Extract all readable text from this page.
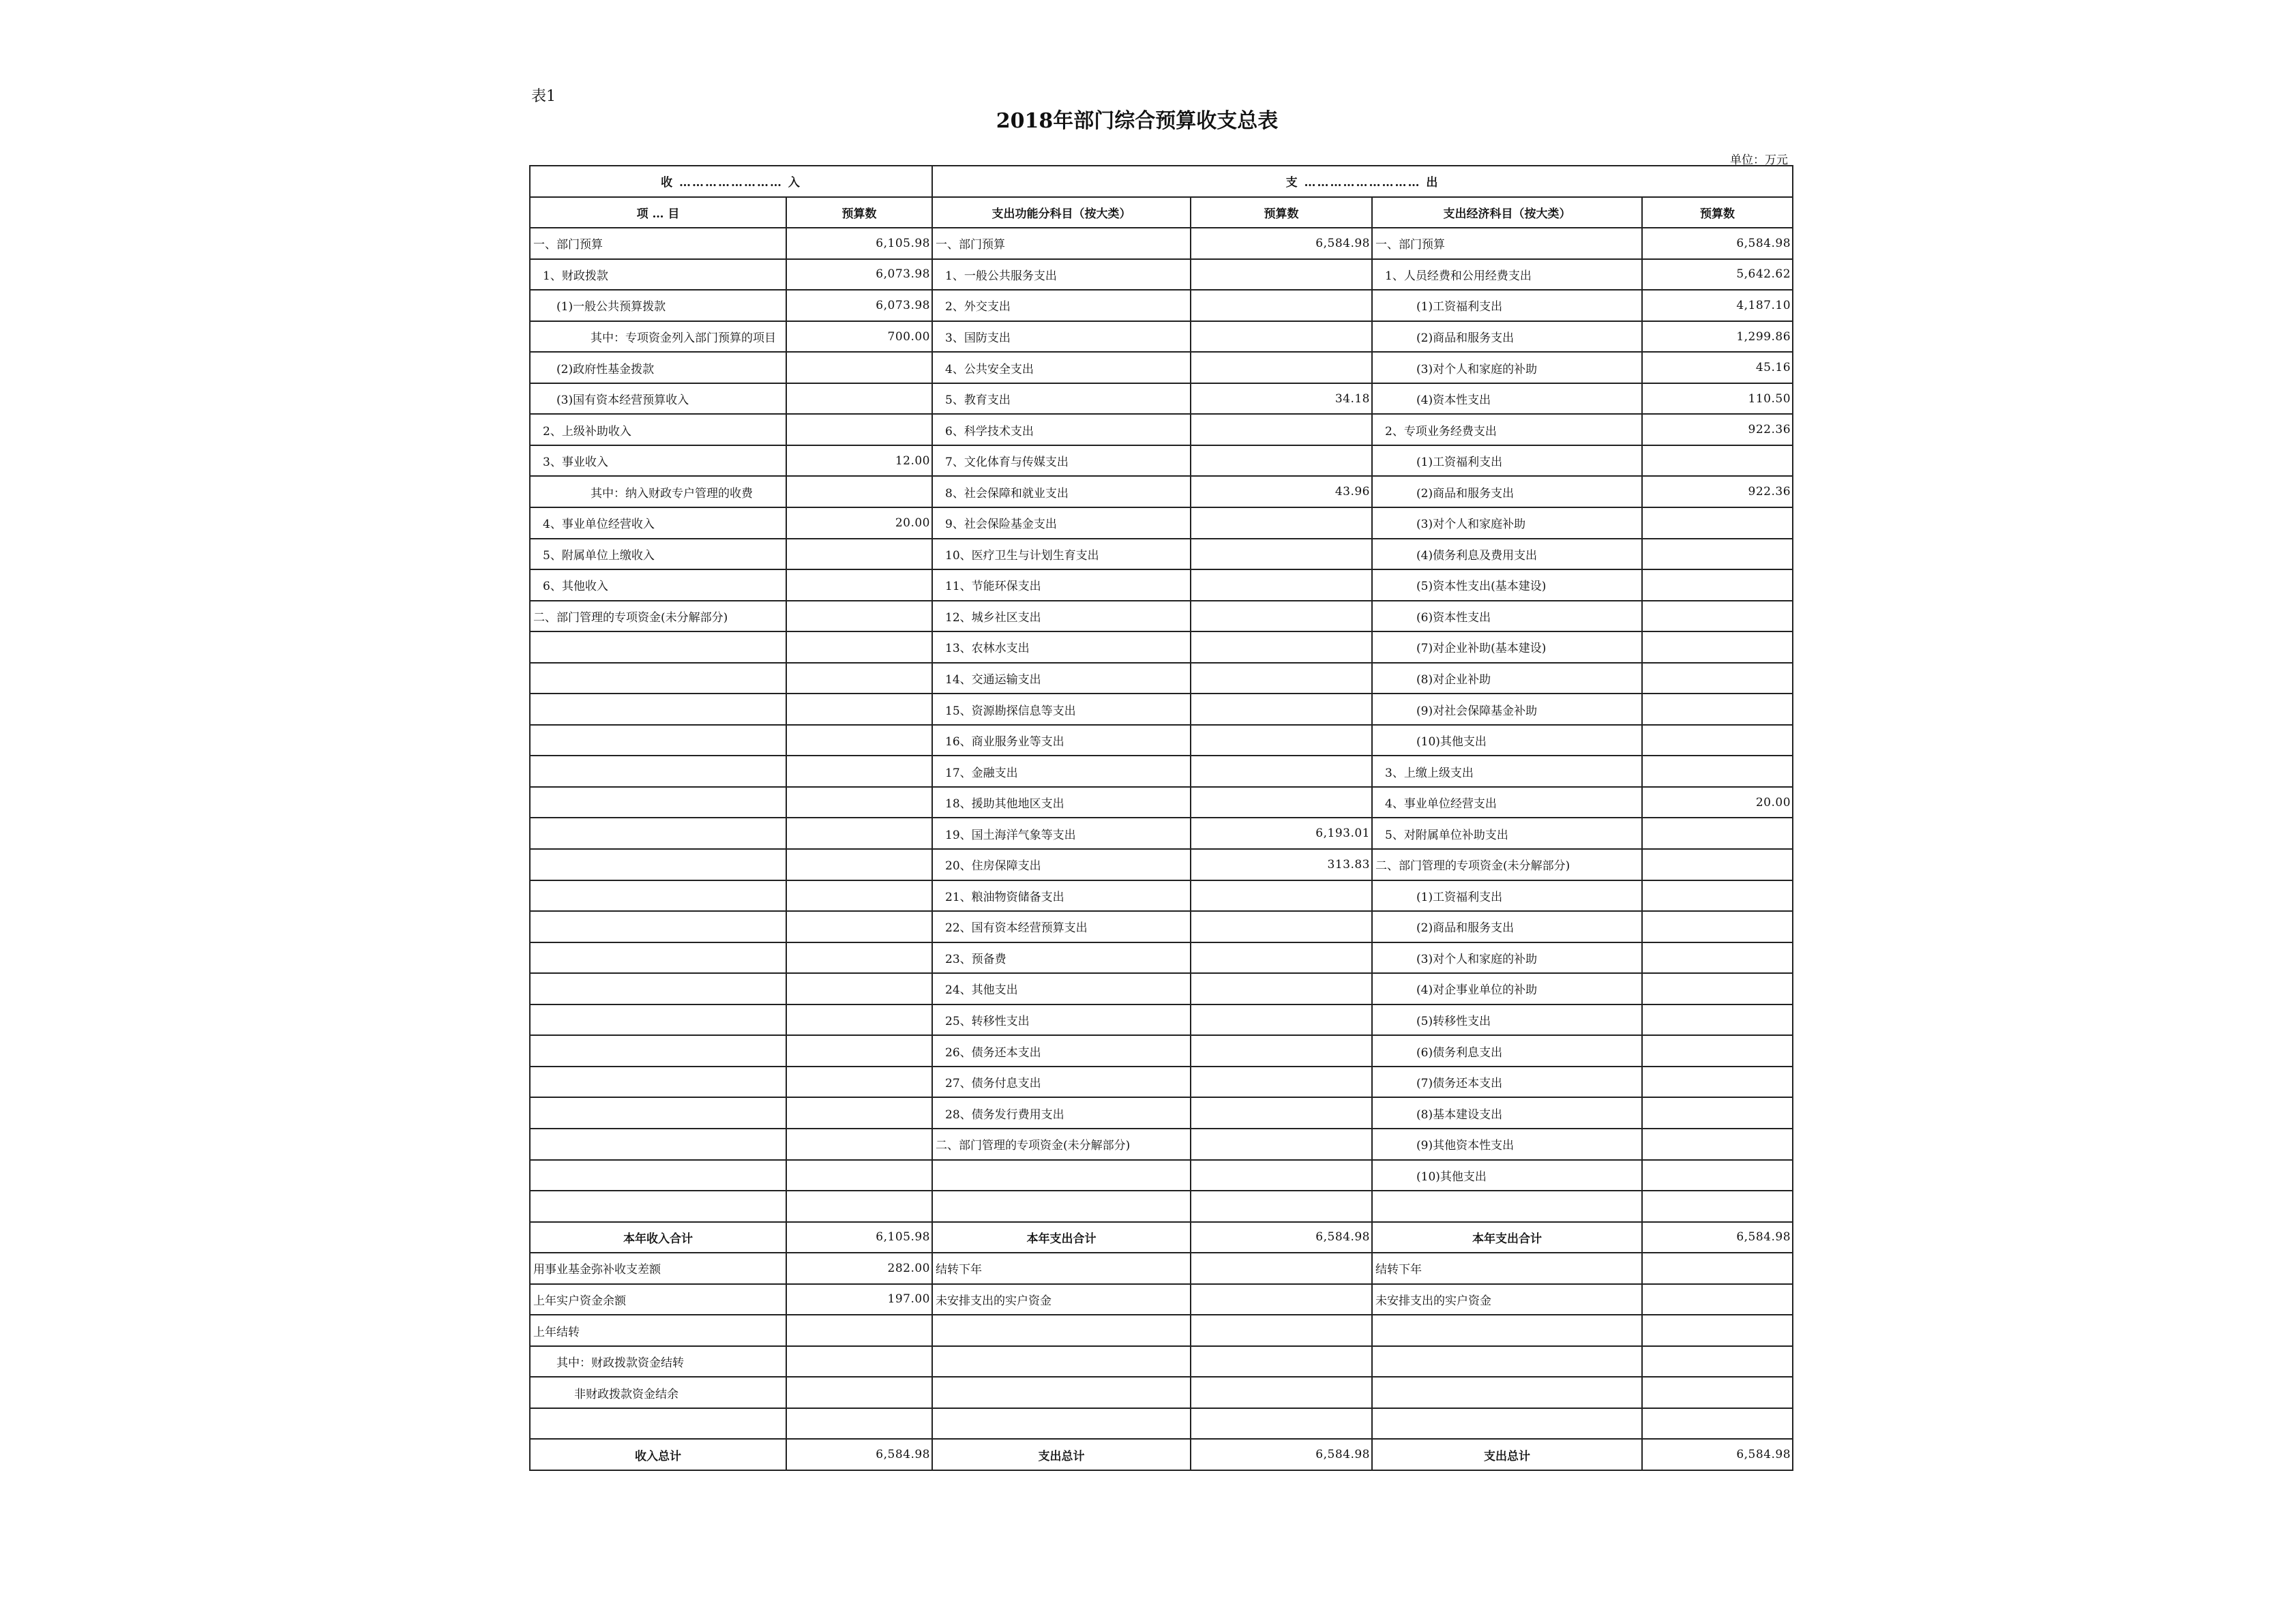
表1
2018年部门综合预算收支总表
单位：万元
收 …………………… 入		支 ……………………… 出			
项 … 目	预算数	支出功能分科目（按大类）	预算数	支出经济科目（按大类）	预算数
一、部门预算	6,105.98	一、部门预算	6,584.98	一、部门预算	6,584.98
1、财政拨款	6,073.98	1、一般公共服务支出		1、人员经费和公用经费支出	5,642.62
(1)一般公共预算拨款	6,073.98	2、外交支出		(1)工资福利支出	4,187.10
其中：专项资金列入部门预算的项目	700.00	3、国防支出		(2)商品和服务支出	1,299.86
(2)政府性基金拨款		4、公共安全支出		(3)对个人和家庭的补助	45.16
(3)国有资本经营预算收入		5、教育支出	34.18	(4)资本性支出	110.50
2、上级补助收入		6、科学技术支出		2、专项业务经费支出	922.36
3、事业收入	12.00	7、文化体育与传媒支出		(1)工资福利支出	
其中：纳入财政专户管理的收费		8、社会保障和就业支出	43.96	(2)商品和服务支出	922.36
4、事业单位经营收入	20.00	9、社会保险基金支出		(3)对个人和家庭补助	
5、附属单位上缴收入		10、医疗卫生与计划生育支出		(4)债务利息及费用支出	
6、其他收入		11、节能环保支出		(5)资本性支出(基本建设)	
二、部门管理的专项资金(未分解部分)		12、城乡社区支出		(6)资本性支出	
		13、农林水支出		(7)对企业补助(基本建设)	
		14、交通运输支出		(8)对企业补助	
		15、资源勘探信息等支出		(9)对社会保障基金补助	
		16、商业服务业等支出		(10)其他支出	
		17、金融支出		3、上缴上级支出	
		18、援助其他地区支出		4、事业单位经营支出	20.00
		19、国土海洋气象等支出	6,193.01	5、对附属单位补助支出	
		20、住房保障支出	313.83	二、部门管理的专项资金(未分解部分)	
		21、粮油物资储备支出		(1)工资福利支出	
		22、国有资本经营预算支出		(2)商品和服务支出	
		23、预备费		(3)对个人和家庭的补助	
		24、其他支出		(4)对企事业单位的补助	
		25、转移性支出		(5)转移性支出	
		26、债务还本支出		(6)债务利息支出	
		27、债务付息支出		(7)债务还本支出	
		28、债务发行费用支出		(8)基本建设支出	
		二、部门管理的专项资金(未分解部分)		(9)其他资本性支出	
				(10)其他支出	

本年收入合计	6,105.98	本年支出合计	6,584.98	本年支出合计	6,584.98
用事业基金弥补收支差额	282.00	结转下年		结转下年	
上年实户资金余额	197.00	未安排支出的实户资金		未安排支出的实户资金	
上年结转					
其中：财政拨款资金结转					
非财政拨款资金结余					

收入总计	6,584.98	支出总计	6,584.98	支出总计	6,584.98
